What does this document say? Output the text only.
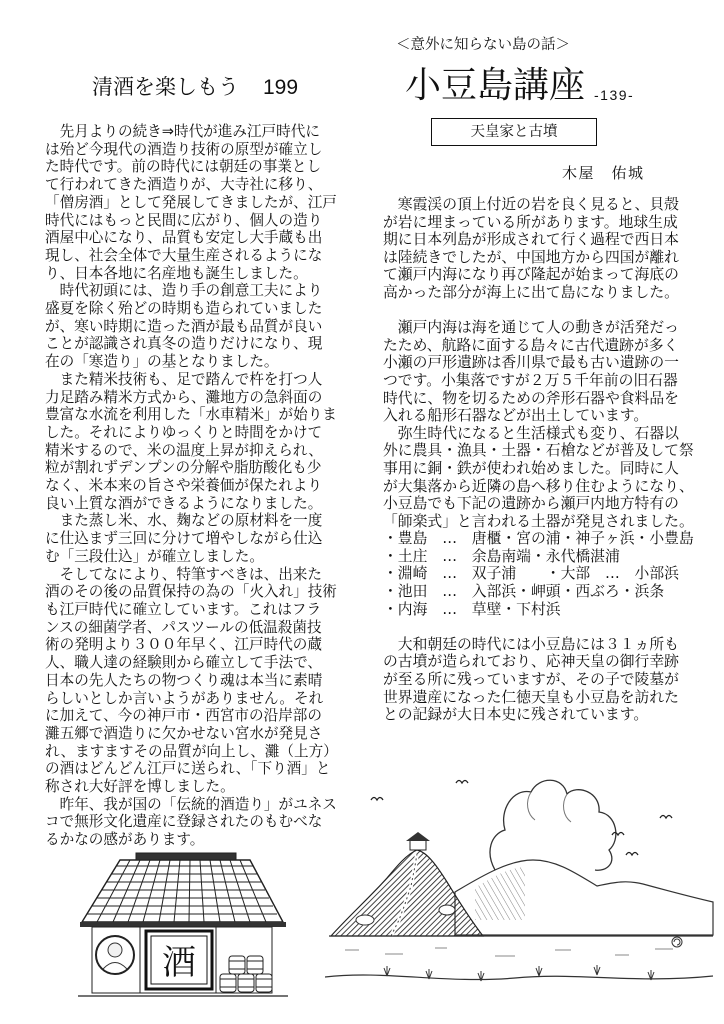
清酒を楽しもう 199
　先月よりの続き⇒時代が進み江戸時代に
は殆ど今現代の酒造り技術の原型が確立し
た時代です。前の時代には朝廷の事業とし
て行われてきた酒造りが、大寺社に移り、
「僧房酒」として発展してきましたが、江戸
時代にはもっと民間に広がり、個人の造り
酒屋中心になり、品質も安定し大手蔵も出
現し、社会全体で大量生産されるようにな
り、日本各地に名産地も誕生しました。
　時代初頭には、造り手の創意工夫により
盛夏を除く殆どの時期も造られていました
が、寒い時期に造った酒が最も品質が良い
ことが認識され真冬の造りだけになり、現
在の「寒造り」の基となりました。
　また精米技術も、足で踏んで杵を打つ人
力足踏み精米方式から、灘地方の急斜面の
豊富な水流を利用した「水車精米」が始りま
した。それによりゆっくりと時間をかけて
精米するので、米の温度上昇が抑えられ、
粒が割れずデンプンの分解や脂肪酸化も少
なく、米本来の旨さや栄養価が保たれより
良い上質な酒ができるようになりました。
　また蒸し米、水、麹などの原材料を一度
に仕込まず三回に分けて増やしながら仕込
む「三段仕込」が確立しました。
　そしてなにより、特筆すべきは、出来た
酒のその後の品質保持の為の「火入れ」技術
も江戸時代に確立しています。これはフラ
ンスの細菌学者、パスツールの低温殺菌技
術の発明より３００年早く、江戸時代の蔵
人、職人達の経験則から確立して手法で、
日本の先人たちの物つくり魂は本当に素晴
らしいとしか言いようがありません。それ
に加えて、今の神戸市・西宮市の沿岸部の
灘五郷で酒造りに欠かせない宮水が発見さ
れ、ますますその品質が向上し、灘（上方）
の酒はどんどん江戸に送られ、「下り酒」と
称され大好評を博しました。
　昨年、我が国の「伝統的酒造り」がユネス
コで無形文化遺産に登録されたのもむべな
るかなの感があります。
酒
＜意外に知らない島の話＞
小豆島講座 -139-
天皇家と古墳
木屋　佑城
　寒霞渓の頂上付近の岩を良く見ると、貝殻
が岩に埋まっている所があります。地球生成
期に日本列島が形成されて行く過程で西日本
は陸続きでしたが、中国地方から四国が離れ
て瀬戸内海になり再び隆起が始まって海底の
高かった部分が海上に出て島になりました。
　瀬戸内海は海を通じて人の動きが活発だっ
たため、航路に面する島々に古代遺跡が多く
小瀬の戸形遺跡は香川県で最も古い遺跡の一
つです。小集落ですが２万５千年前の旧石器
時代に、物を切るための斧形石器や食料品を
入れる船形石器などが出土しています。
　弥生時代になると生活様式も変り、石器以
外に農具・漁具・土器・石槍などが普及して祭
事用に銅・鉄が使われ始めました。同時に人
が大集落から近隣の島へ移り住むようになり、
小豆島でも下記の遺跡から瀬戸内地方特有の
「師楽式」と言われる土器が発見されました。
・豊島　…　唐櫃・宮の浦・神子ヶ浜・小豊島
・土庄　…　余島南端・永代橋湛浦
・淵崎　…　双子浦　　・大部　…　小部浜
・池田　…　入部浜・岬頭・西ぶろ・浜条
・内海　…　草壁・下村浜
　大和朝廷の時代には小豆島には３１ヵ所も
の古墳が造られており、応神天皇の御行幸跡
が至る所に残っていますが、その子で陵墓が
世界遺産になった仁徳天皇も小豆島を訪れた
との記録が大日本史に残されています。
